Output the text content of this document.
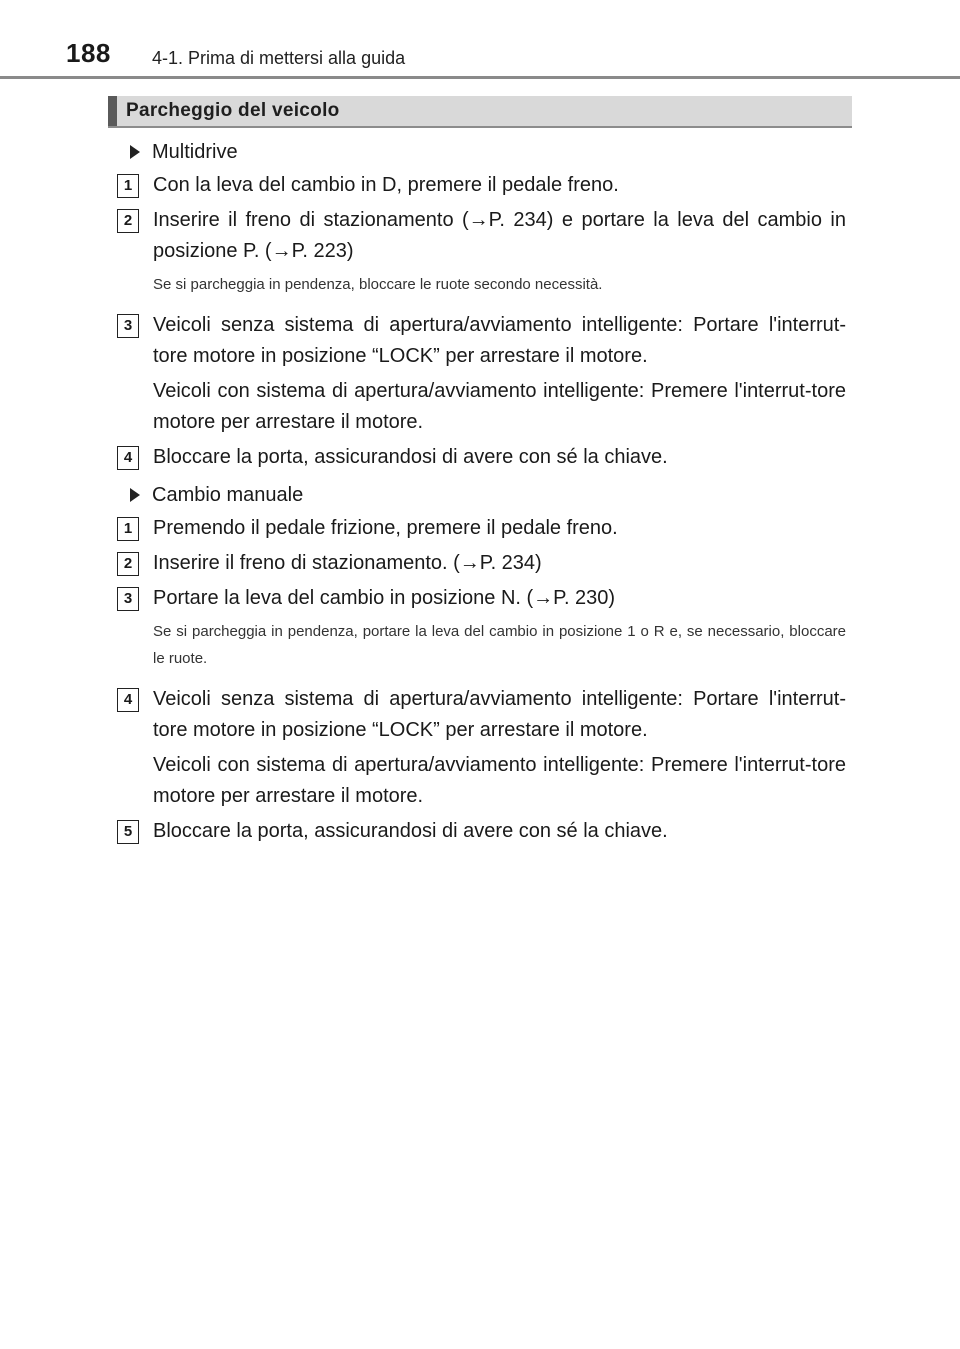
188 4-1. Prima di mettersi alla guida
Parcheggio del veicolo
Multidrive
1	Con la leva del cambio in D, premere il pedale freno.
2	Inserire il freno di stazionamento (→P. 234) e portare la leva del cambio in posizione P. (→P. 223)
Se si parcheggia in pendenza, bloccare le ruote secondo necessità.
3	Veicoli senza sistema di apertura/avviamento intelligente: Portare l'interrut-tore motore in posizione “LOCK” per arrestare il motore.
Veicoli con sistema di apertura/avviamento intelligente: Premere l'interrut-tore motore per arrestare il motore.
4	Bloccare la porta, assicurandosi di avere con sé la chiave.
Cambio manuale
1	Premendo il pedale frizione, premere il pedale freno.
2	Inserire il freno di stazionamento. (→P. 234)
3	Portare la leva del cambio in posizione N. (→P. 230)
Se si parcheggia in pendenza, portare la leva del cambio in posizione 1 o R e, se necessario, bloccare le ruote.
4	Veicoli senza sistema di apertura/avviamento intelligente: Portare l'interrut-tore motore in posizione “LOCK” per arrestare il motore.
Veicoli con sistema di apertura/avviamento intelligente: Premere l'interrut-tore motore per arrestare il motore.
5	Bloccare la porta, assicurandosi di avere con sé la chiave.
